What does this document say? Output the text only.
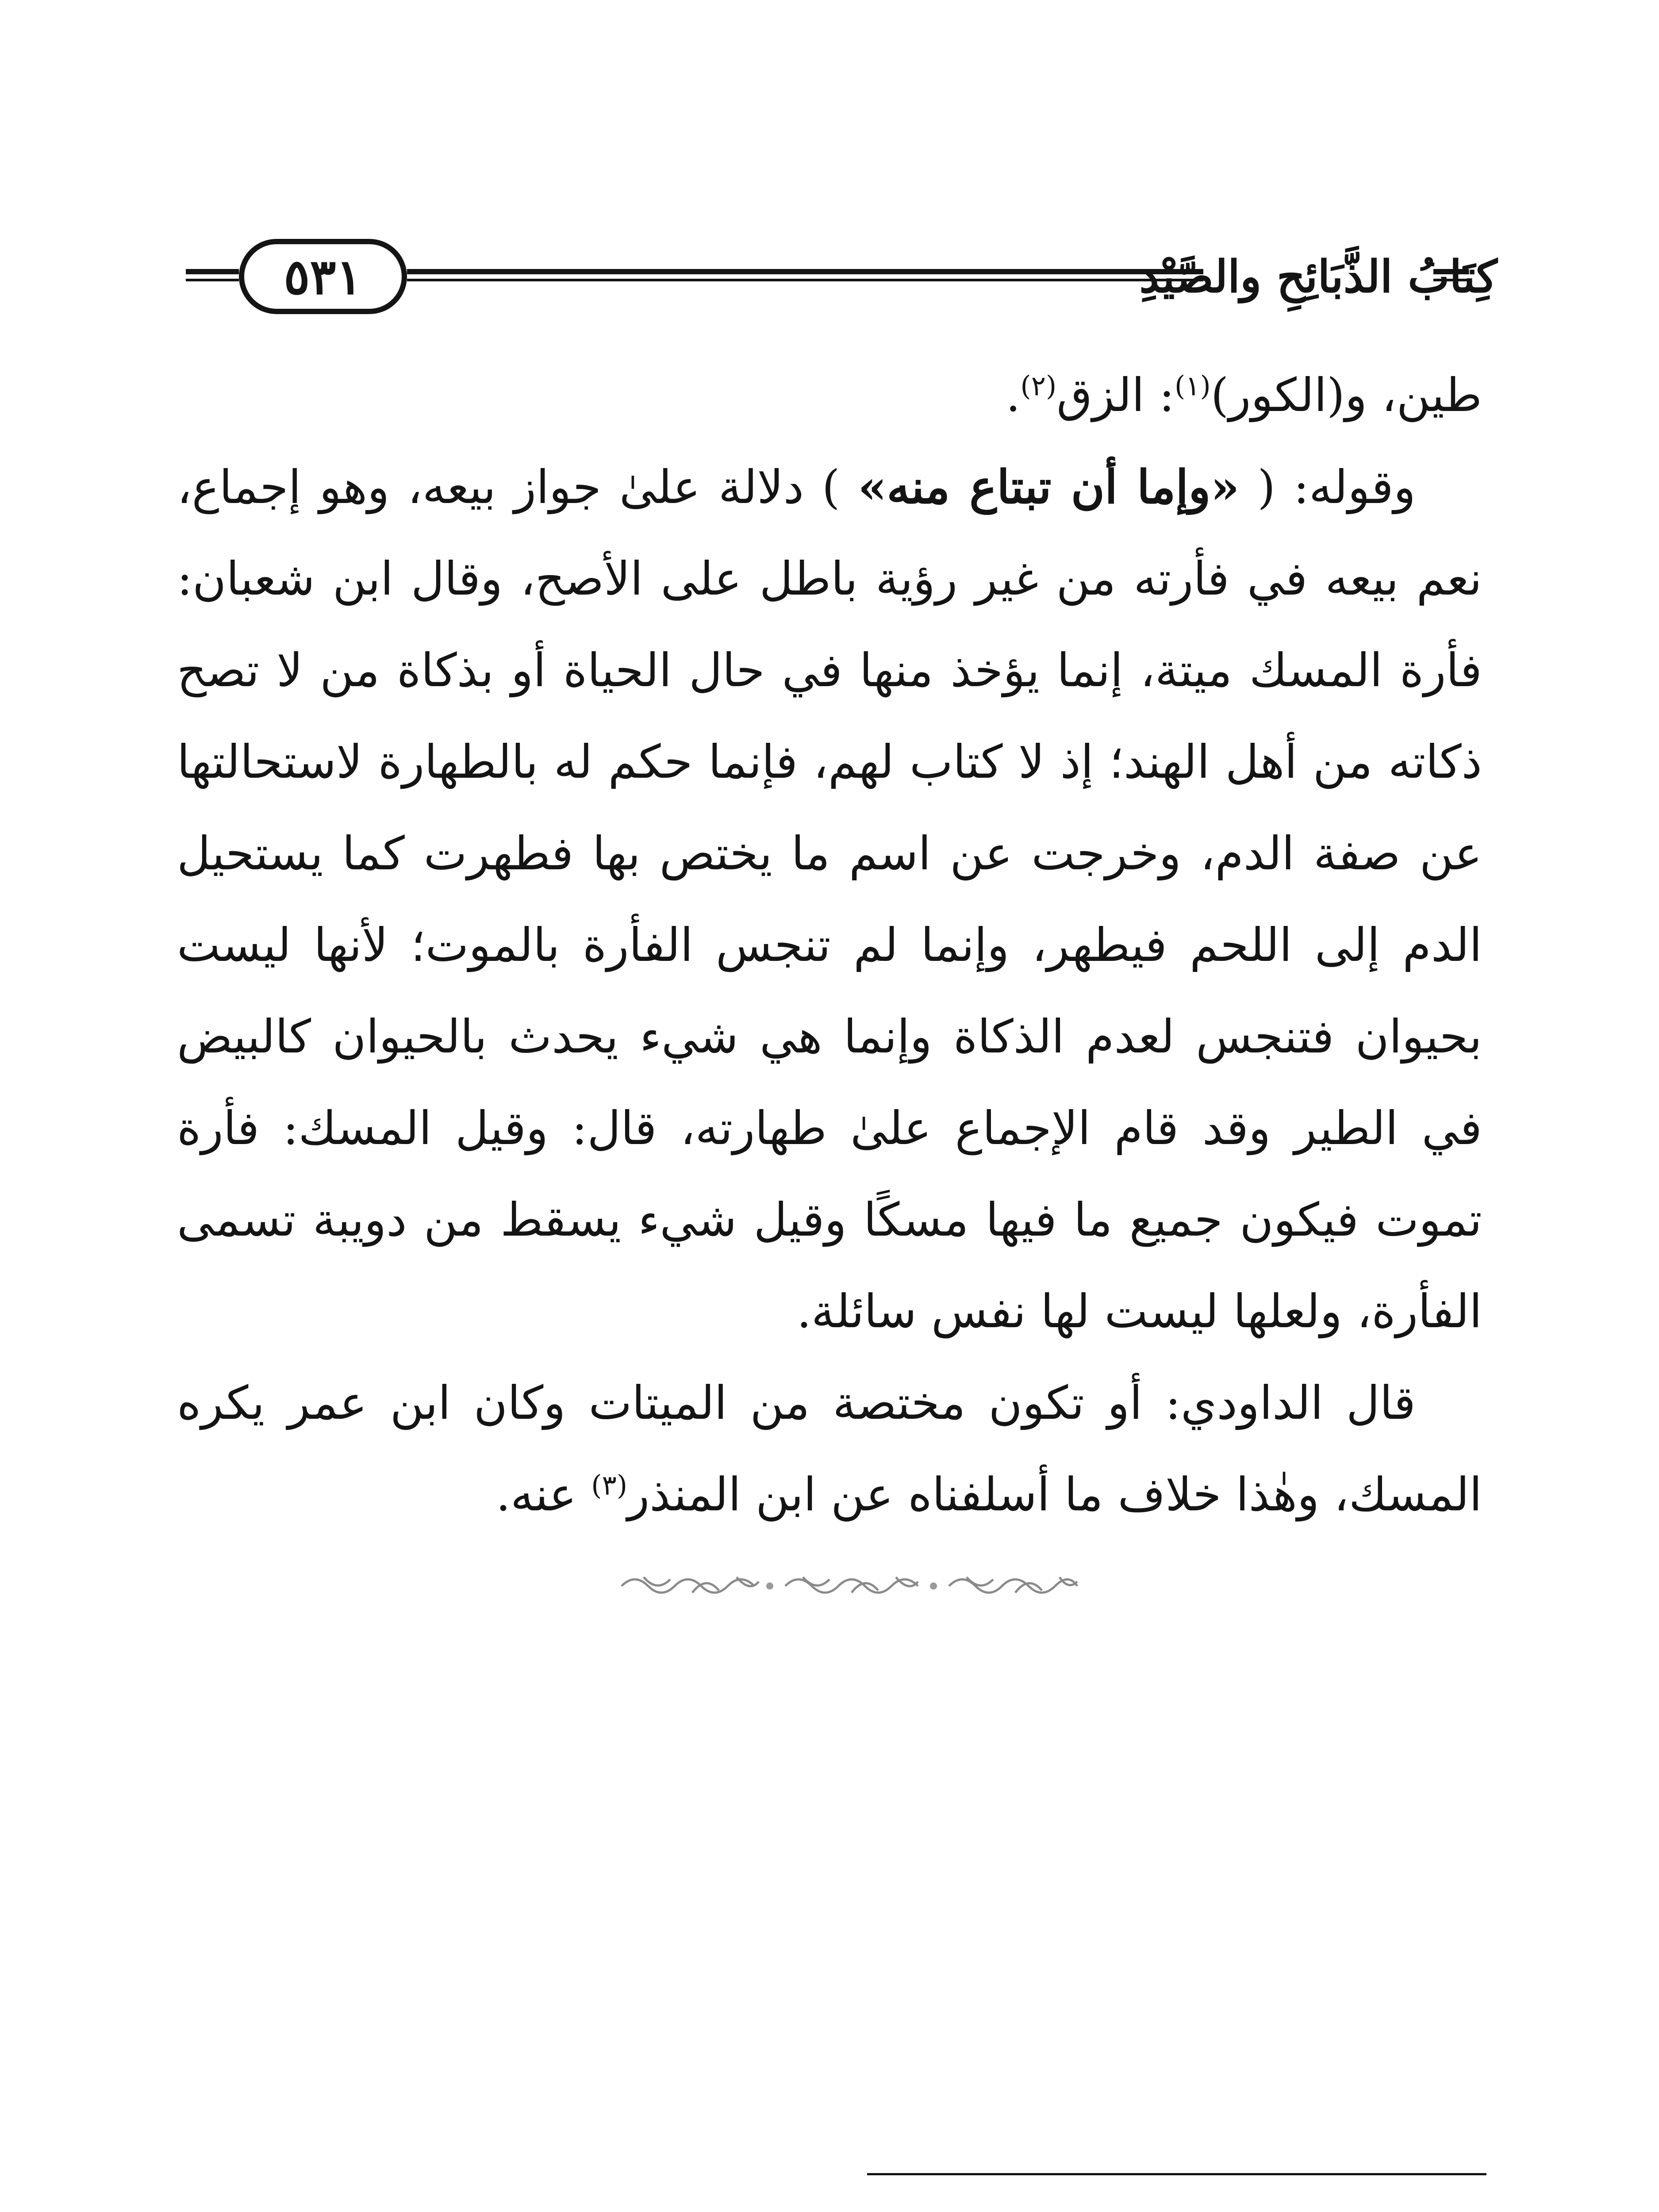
٥٣١	كِتَابُ الذَّبَائِحِ والصَّيْدِ

طين، و(الكور)$^{(١)}$: الزق$^{(٢)}$.

وقوله: ( «وإما أن تبتاع منه» ) دلالة علىٰ جواز بيعه، وهو إجماع، نعم بيعه في فأرته من غير رؤية باطل على الأصح، وقال ابن شعبان: فأرة المسك ميتة، إنما يؤخذ منها في حال الحياة أو بذكاة من لا تصح ذكاته من أهل الهند؛ إذ لا كتاب لهم، فإنما حكم له بالطهارة لاستحالتها عن صفة الدم، وخرجت عن اسم ما يختص بها فطهرت كما يستحيل الدم إلى اللحم فيطهر، وإنما لم تنجس الفأرة بالموت؛ لأنها ليست بحيوان فتنجس لعدم الذكاة وإنما هي شيء يحدث بالحيوان كالبيض في الطير وقد قام الإجماع علىٰ طهارته، قال: وقيل المسك: فأرة تموت فيكون جميع ما فيها مسكًا وقيل شيء يسقط من دويبة تسمى الفأرة، ولعلها ليست لها نفس سائلة.

قال الداودي: أو تكون مختصة من الميتات وكان ابن عمر يكره المسك، وهٰذا خلاف ما أسلفناه عن ابن المنذر$^{(٣)}$ عنه.
